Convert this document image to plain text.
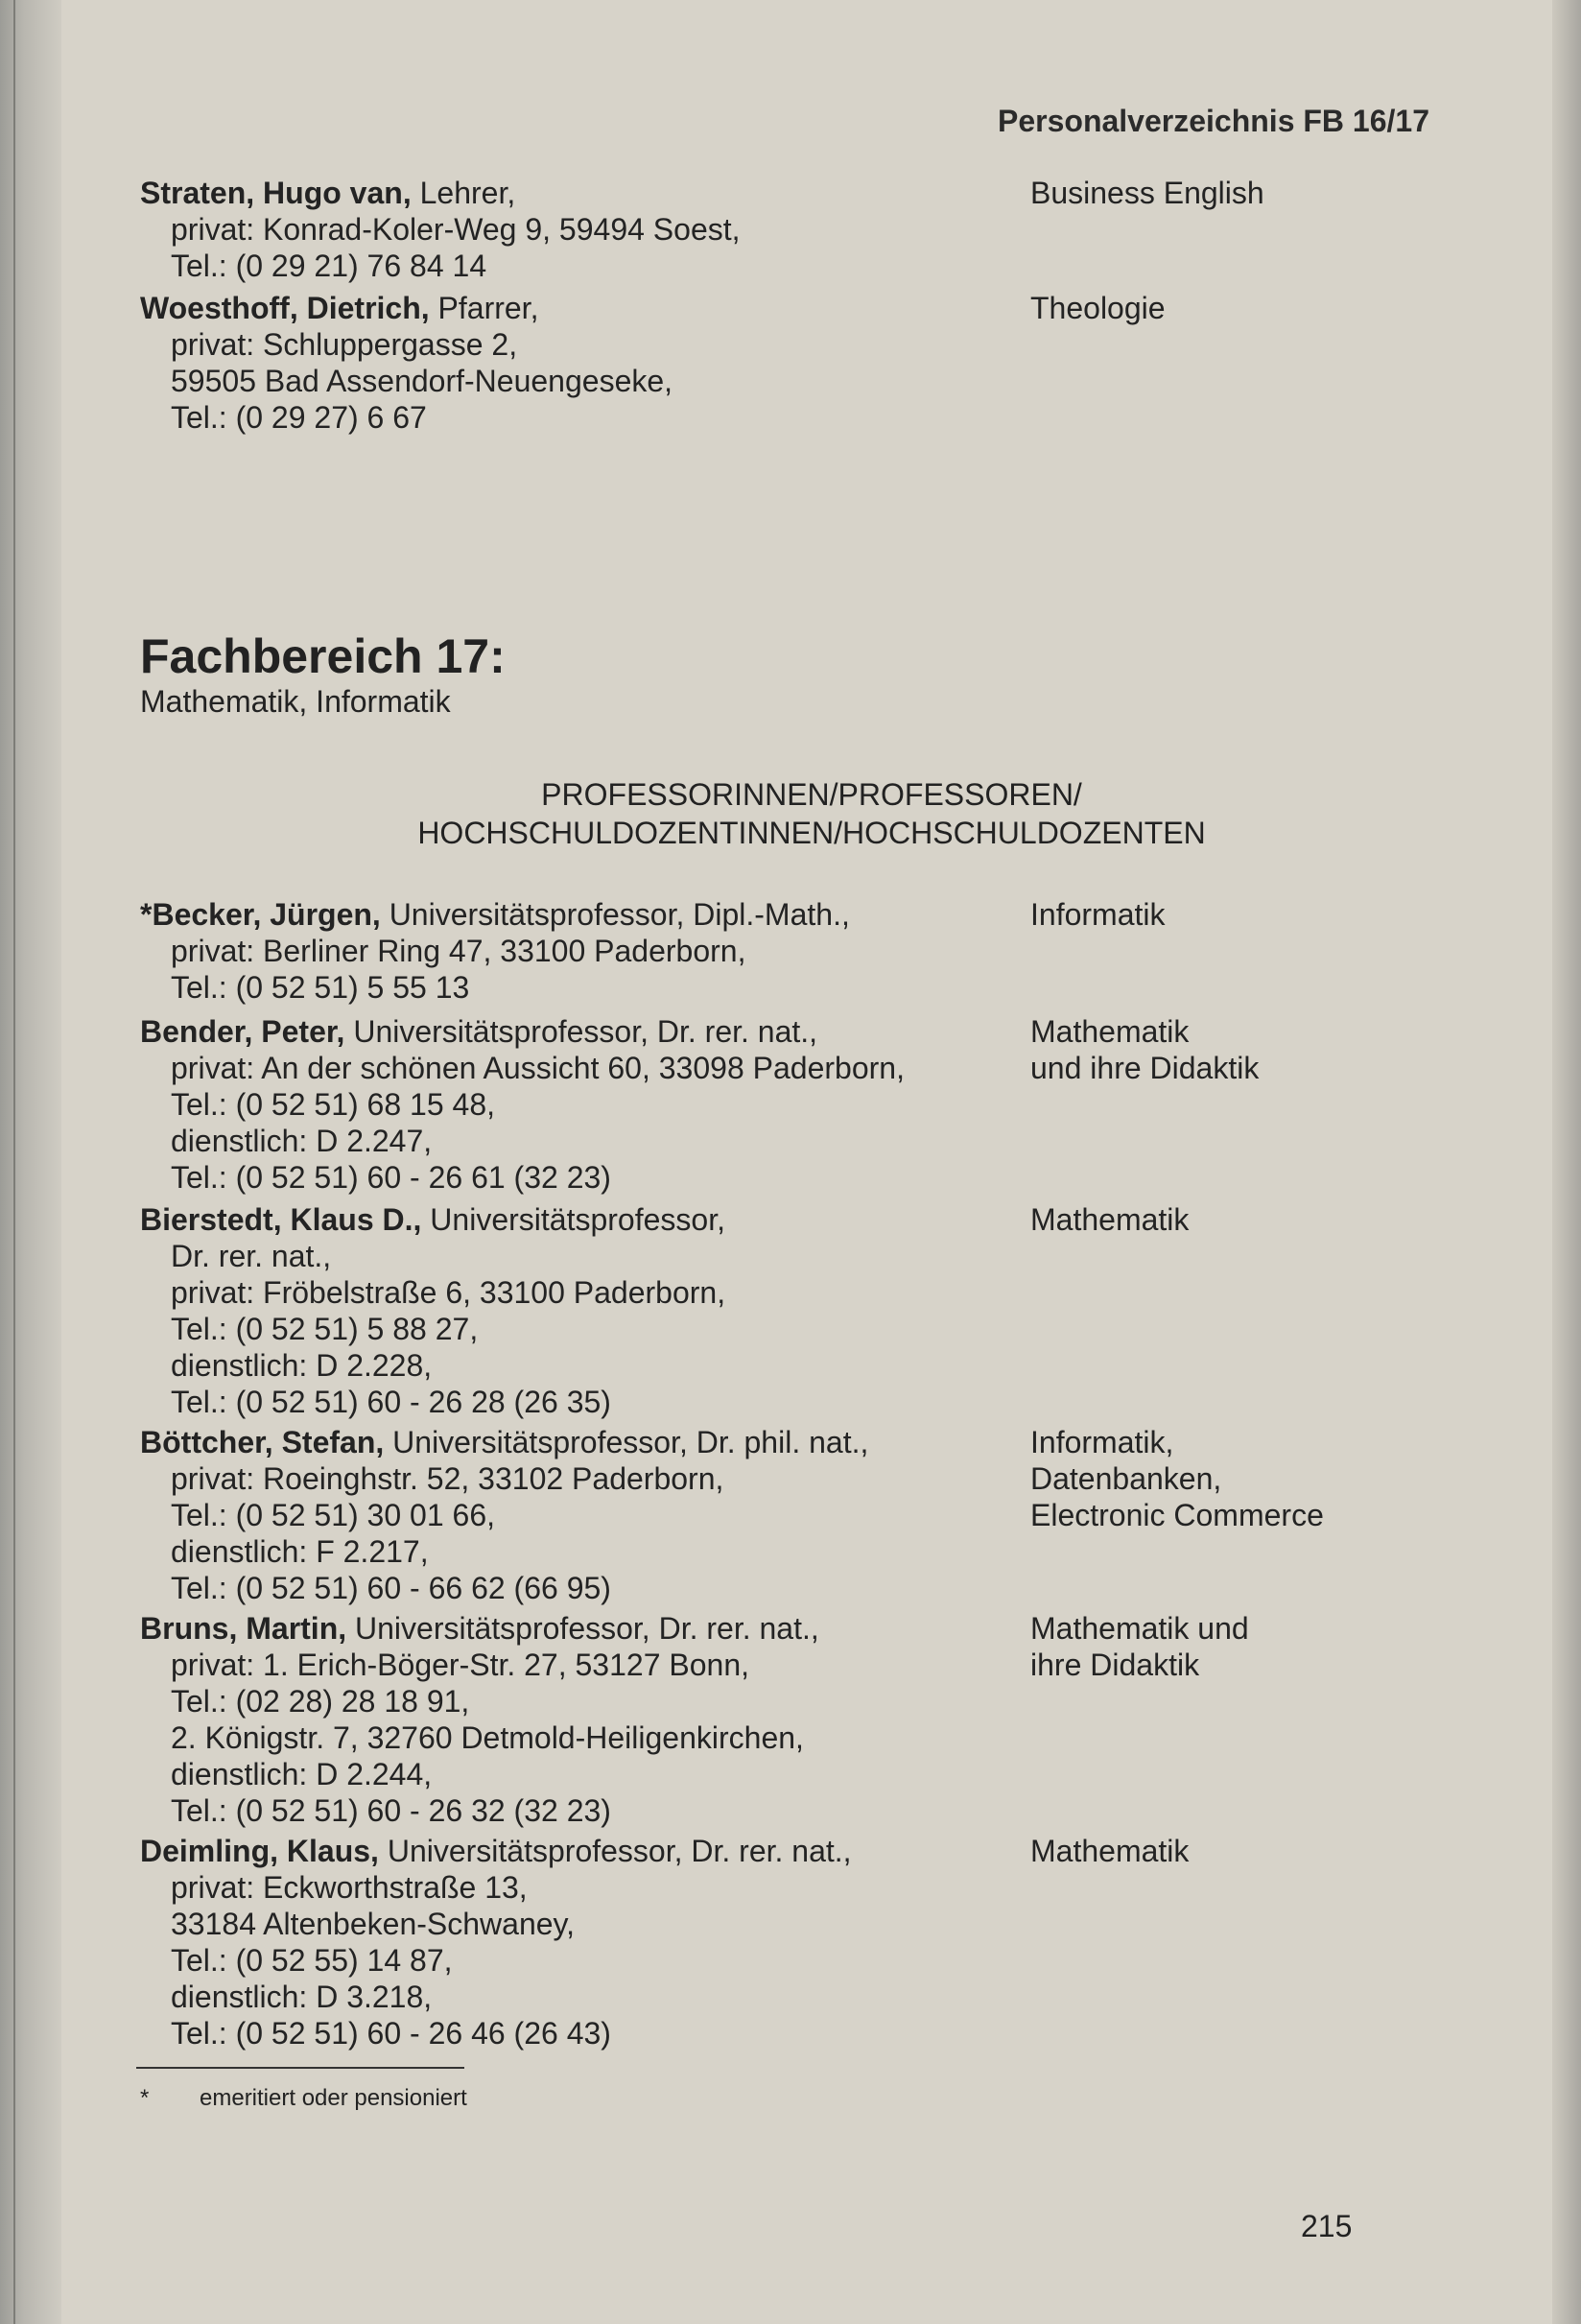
Personalverzeichnis FB 16/17
Straten, Hugo van, Lehrer,
privat: Konrad-Koler-Weg 9, 59494 Soest,
Tel.: (0 29 21) 76 84 14
Business English
Woesthoff, Dietrich, Pfarrer,
privat: Schluppergasse 2,
59505 Bad Assendorf-Neuengeseke,
Tel.: (0 29 27) 6 67
Theologie
Fachbereich 17:
Mathematik, Informatik
PROFESSORINNEN/PROFESSOREN/
HOCHSCHULDOZENTINNEN/HOCHSCHULDOZENTEN
*Becker, Jürgen, Universitätsprofessor, Dipl.-Math.,
privat: Berliner Ring 47, 33100 Paderborn,
Tel.: (0 52 51) 5 55 13
Informatik
Bender, Peter, Universitätsprofessor, Dr. rer. nat.,
privat: An der schönen Aussicht 60, 33098 Paderborn,
Tel.: (0 52 51) 68 15 48,
dienstlich: D 2.247,
Tel.: (0 52 51) 60 - 26 61 (32 23)
Mathematik
und ihre Didaktik
Bierstedt, Klaus D., Universitätsprofessor,
Dr. rer. nat.,
privat: Fröbelstraße 6, 33100 Paderborn,
Tel.: (0 52 51) 5 88 27,
dienstlich: D 2.228,
Tel.: (0 52 51) 60 - 26 28 (26 35)
Mathematik
Böttcher, Stefan, Universitätsprofessor, Dr. phil. nat.,
privat: Roeinghstr. 52, 33102 Paderborn,
Tel.: (0 52 51) 30 01 66,
dienstlich: F 2.217,
Tel.: (0 52 51) 60 - 66 62 (66 95)
Informatik,
Datenbanken,
Electronic Commerce
Bruns, Martin, Universitätsprofessor, Dr. rer. nat.,
privat: 1. Erich-Böger-Str. 27, 53127 Bonn,
Tel.: (02 28) 28 18 91,
2. Königstr. 7, 32760 Detmold-Heiligenkirchen,
dienstlich: D 2.244,
Tel.: (0 52 51) 60 - 26 32 (32 23)
Mathematik und
ihre Didaktik
Deimling, Klaus, Universitätsprofessor, Dr. rer. nat.,
privat: Eckworthstraße 13,
33184 Altenbeken-Schwaney,
Tel.: (0 52 55) 14 87,
dienstlich: D 3.218,
Tel.: (0 52 51) 60 - 26 46 (26 43)
Mathematik
* emeritiert oder pensioniert
215
